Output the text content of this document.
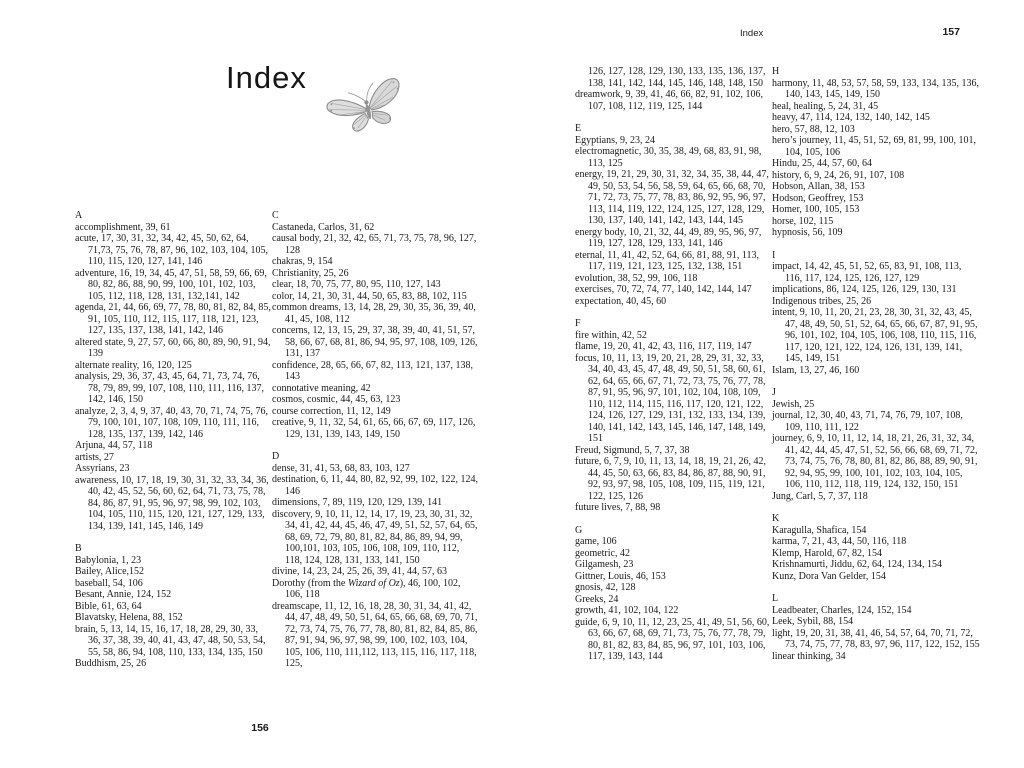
Index
A
accomplishment, 39, 61
acute, 17, 30, 31, 32, 34, 42, 45, 50, 62, 64, 71,73, 75, 76, 78, 87, 96, 102, 103, 104, 105, 110, 115, 120, 127, 141, 146
adventure, 16, 19, 34, 45, 47, 51, 58, 59, 66, 69, 80, 82, 86, 88, 90, 99, 100, 101, 102, 103, 105, 112, 118, 128, 131, 132,141, 142
agenda, 21, 44, 66, 69, 77, 78, 80, 81, 82, 84, 85, 91, 105, 110, 112, 115, 117, 118, 121, 123, 127, 135, 137, 138, 141, 142, 146
altered state, 9, 27, 57, 60, 66, 80, 89, 90, 91, 94, 139
alternate reality, 16, 120, 125
analysis, 29, 36, 37, 43, 45, 64, 71, 73, 74, 76, 78, 79, 89, 99, 107, 108, 110, 111, 116, 137, 142, 146, 150
analyze, 2, 3, 4, 9, 37, 40, 43, 70, 71, 74, 75, 76, 79, 100, 101, 107, 108, 109, 110, 111, 116, 128, 135, 137, 139, 142, 146
Arjuna, 44, 57, 118
artists, 27
Assyrians, 23
awareness, 10, 17, 18, 19, 30, 31, 32, 33, 34, 36, 40, 42, 45, 52, 56, 60, 62, 64, 71, 73, 75, 78, 84, 86, 87, 91, 95, 96, 97, 98, 99, 102, 103, 104, 105, 110, 115, 120, 121, 127, 129, 133, 134, 139, 141, 145, 146, 149
B
Babylonia, 1, 23
Bailey, Alice,152
baseball, 54, 106
Besant, Annie, 124, 152
Bible, 61, 63, 64
Blavatsky, Helena, 88, 152
brain, 5, 13, 14, 15, 16, 17, 18, 28, 29, 30, 33, 36, 37, 38, 39, 40, 41, 43, 47, 48, 50, 53, 54, 55, 58, 86, 94, 108, 110, 133, 134, 135, 150
Buddhism, 25, 26
C
Castaneda, Carlos, 31, 62
causal body, 21, 32, 42, 65, 71, 73, 75, 78, 96, 127, 128
chakras, 9, 154
Christianity, 25, 26
clear, 18, 70, 75, 77, 80, 95, 110, 127, 143
color, 14, 21, 30, 31, 44, 50, 65, 83, 88, 102, 115
common dreams, 13, 14, 28, 29, 30, 35, 36, 39, 40, 41, 45, 108, 112
concerns, 12, 13, 15, 29, 37, 38, 39, 40, 41, 51, 57, 58, 66, 67, 68, 81, 86, 94, 95, 97, 108, 109, 126, 131, 137
confidence, 28, 65, 66, 67, 82, 113, 121, 137, 138, 143
connotative meaning, 42
cosmos, cosmic, 44, 45, 63, 123
course correction, 11, 12, 149
creative, 9, 11, 32, 54, 61, 65, 66, 67, 69, 117, 126, 129, 131, 139, 143, 149, 150
D
dense, 31, 41, 53, 68, 83, 103, 127
destination, 6, 11, 44, 80, 82, 92, 99, 102, 122, 124, 146
dimensions, 7, 89, 119, 120, 129, 139, 141
discovery, 9, 10, 11, 12, 14, 17, 19, 23, 30, 31, 32, 34, 41, 42, 44, 45, 46, 47, 49, 51, 52, 57, 64, 65, 68, 69, 72, 79, 80, 81, 82, 84, 86, 89, 94, 99, 100,101, 103, 105, 106, 108, 109, 110, 112, 118, 124, 128, 131, 133, 141, 150
divine, 14, 23, 24, 25, 26, 39, 41, 44, 57, 63
Dorothy (from the Wizard of Oz), 46, 100, 102, 106, 118
dreamscape, 11, 12, 16, 18, 28, 30, 31, 34, 41, 42, 44, 47, 48, 49, 50, 51, 64, 65, 66, 68, 69, 70, 71, 72, 73, 74, 75, 76, 77, 78, 80, 81, 82, 84, 85, 86, 87, 91, 94, 96, 97, 98, 99, 100, 102, 103, 104, 105, 106, 110, 111,112, 113, 115, 116, 117, 118, 125,
156
Index	157
126, 127, 128, 129, 130, 133, 135, 136, 137, 138, 141, 142, 144, 145, 146, 148, 148, 150
dreamwork, 9, 39, 41, 46, 66, 82, 91, 102, 106, 107, 108, 112, 119, 125, 144
E
Egyptians, 9, 23, 24
electromagnetic, 30, 35, 38, 49, 68, 83, 91, 98, 113, 125
energy, 19, 21, 29, 30, 31, 32, 34, 35, 38, 44, 47, 49, 50, 53, 54, 56, 58, 59, 64, 65, 66, 68, 70, 71, 72, 73, 75, 77, 78, 83, 86, 92, 95, 96, 97, 113, 114, 119, 122, 124, 125, 127, 128, 129, 130, 137, 140, 141, 142, 143, 144, 145
energy body, 10, 21, 32, 44, 49, 89, 95, 96, 97, 119, 127, 128, 129, 133, 141, 146
eternal, 11, 41, 42, 52, 64, 66, 81, 88, 91, 113, 117, 119, 121, 123, 125, 132, 138, 151
evolution, 38, 52, 99, 106, 118
exercises, 70, 72, 74, 77, 140, 142, 144, 147
expectation, 40, 45, 60
F
fire within, 42, 52
flame, 19, 20, 41, 42, 43, 116, 117, 119, 147
focus, 10, 11, 13, 19, 20, 21, 28, 29, 31, 32, 33, 34, 40, 43, 45, 47, 48, 49, 50, 51, 58, 60, 61, 62, 64, 65, 66, 67, 71, 72, 73, 75, 76, 77, 78, 87, 91, 95, 96, 97, 101, 102, 104, 108, 109, 110, 112, 114, 115, 116, 117, 120, 121, 122, 124, 126, 127, 129, 131, 132, 133, 134, 139, 140, 141, 142, 143, 145, 146, 147, 148, 149, 151
Freud, Sigmund, 5, 7, 37, 38
future, 6, 7, 9, 10, 11, 13, 14, 18, 19, 21, 26, 42, 44, 45, 50, 63, 66, 83, 84, 86, 87, 88, 90, 91, 92, 93, 97, 98, 105, 108, 109, 115, 119, 121, 122, 125, 126
future lives, 7, 88, 98
G
game, 106
geometric, 42
Gilgamesh, 23
Gittner, Louis, 46, 153
gnosis, 42, 128
Greeks, 24
growth, 41, 102, 104, 122
guide, 6, 9, 10, 11, 12, 23, 25, 41, 49, 51, 56, 60, 63, 66, 67, 68, 69, 71, 73, 75, 76, 77, 78, 79, 80, 81, 82, 83, 84, 85, 96, 97, 101, 103, 106, 117, 139, 143, 144
H
harmony, 11, 48, 53, 57, 58, 59, 133, 134, 135, 136, 140, 143, 145, 149, 150
heal, healing, 5, 24, 31, 45
heavy, 47, 114, 124, 132, 140, 142, 145
hero, 57, 88, 12, 103
hero’s journey, 11, 45, 51, 52, 69, 81, 99, 100, 101, 104, 105, 106
Hindu, 25, 44, 57, 60, 64
history, 6, 9, 24, 26, 91, 107, 108
Hobson, Allan, 38, 153
Hodson, Geoffrey, 153
Homer, 100, 105, 153
horse, 102, 115
hypnosis, 56, 109
I
impact, 14, 42, 45, 51, 52, 65, 83, 91, 108, 113, 116, 117, 124, 125, 126, 127, 129
implications, 86, 124, 125, 126, 129, 130, 131
Indigenous tribes, 25, 26
intent, 9, 10, 11, 20, 21, 23, 28, 30, 31, 32, 43, 45, 47, 48, 49, 50, 51, 52, 64, 65, 66, 67, 87, 91, 95, 96, 101, 102, 104, 105, 106, 108, 110, 115, 116, 117, 120, 121, 122, 124, 126, 131, 139, 141, 145, 149, 151
Islam, 13, 27, 46, 160
J
Jewish, 25
journal, 12, 30, 40, 43, 71, 74, 76, 79, 107, 108, 109, 110, 111, 122
journey, 6, 9, 10, 11, 12, 14, 18, 21, 26, 31, 32, 34, 41, 42, 44, 45, 47, 51, 52, 56, 66, 68, 69, 71, 72, 73, 74, 75, 76, 78, 80, 81, 82, 86, 88, 89, 90, 91, 92, 94, 95, 99, 100, 101, 102, 103, 104, 105, 106, 110, 112, 118, 119, 124, 132, 150, 151
Jung, Carl, 5, 7, 37, 118
K
Karagulla, Shafica, 154
karma, 7, 21, 43, 44, 50, 116, 118
Klemp, Harold, 67, 82, 154
Krishnamurti, Jiddu, 62, 64, 124, 134, 154
Kunz, Dora Van Gelder, 154
L
Leadbeater, Charles, 124, 152, 154
Leek, Sybil, 88, 154
light, 19, 20, 31, 38, 41, 46, 54, 57, 64, 70, 71, 72, 73, 74, 75, 77, 78, 83, 97, 96, 117, 122, 152, 155
linear thinking, 34
